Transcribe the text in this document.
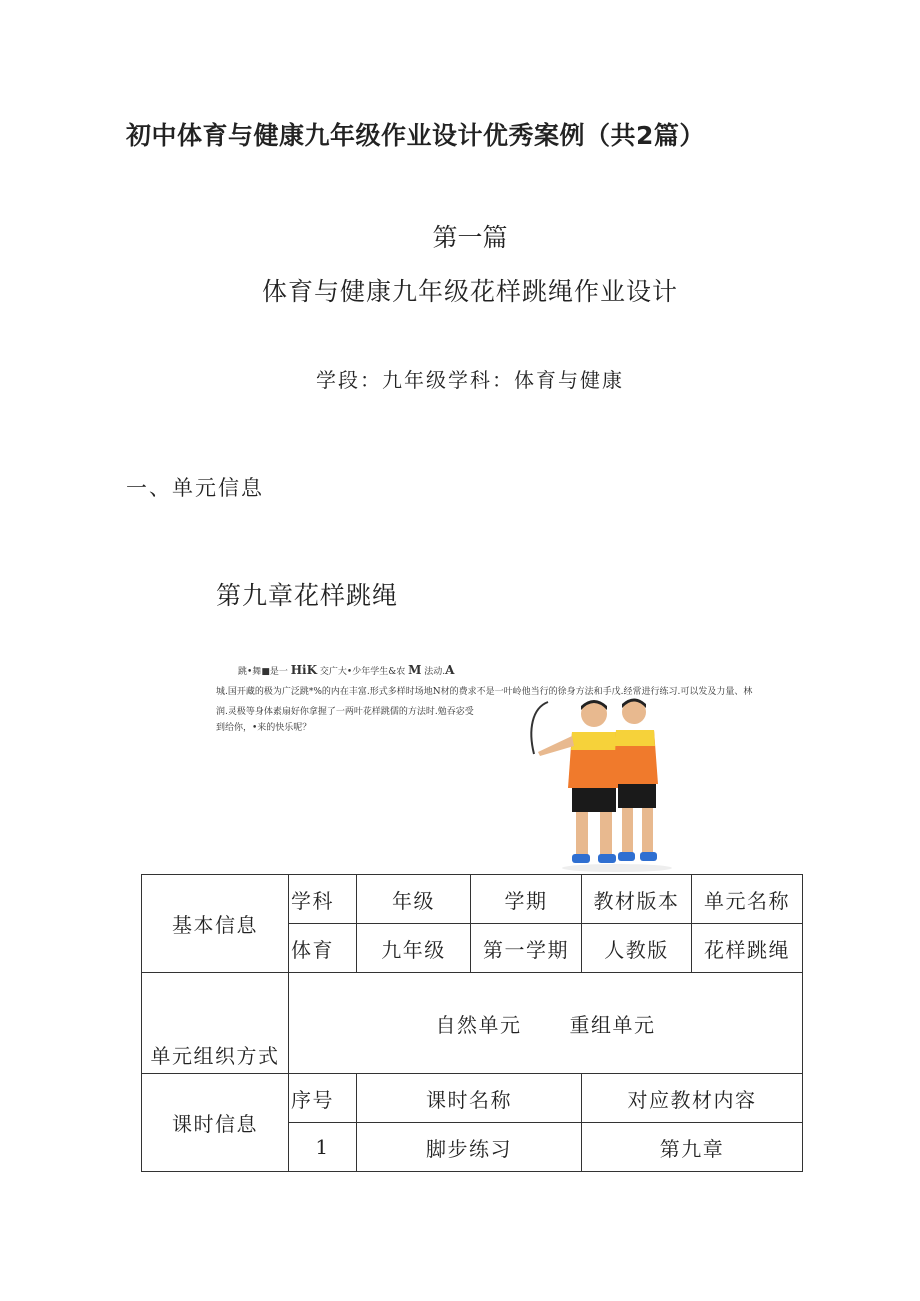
初中体育与健康九年级作业设计优秀案例（共2篇）
第一篇
体育与健康九年级花样跳绳作业设计
学段：九年级学科：体育与健康
一、单元信息
第九章花样跳绳
跳•舞■是一 HiK 交广大•少年学生&农 M 法动.A
城.国开藏的极为广泛跳*%的内在丰富.形式多样时场地N材的费求不是一叶岭他当行的徐身方法和手戊.经常进行练习.可以发及力量、林
润.灵极等身体素扇好你拿握了一两叶花样跳儒的方法时.勉吞宓受
到给你，•来的快乐呢？
基本信息	学科	年级	学期	教材版本	单元名称
	体育	九年级	第一学期	人教版	花样跳绳
单元组织方式	自然单元 重组单元				
课时信息	序号	课时名称		对应教材内容	
	1	脚步练习		第九章	
